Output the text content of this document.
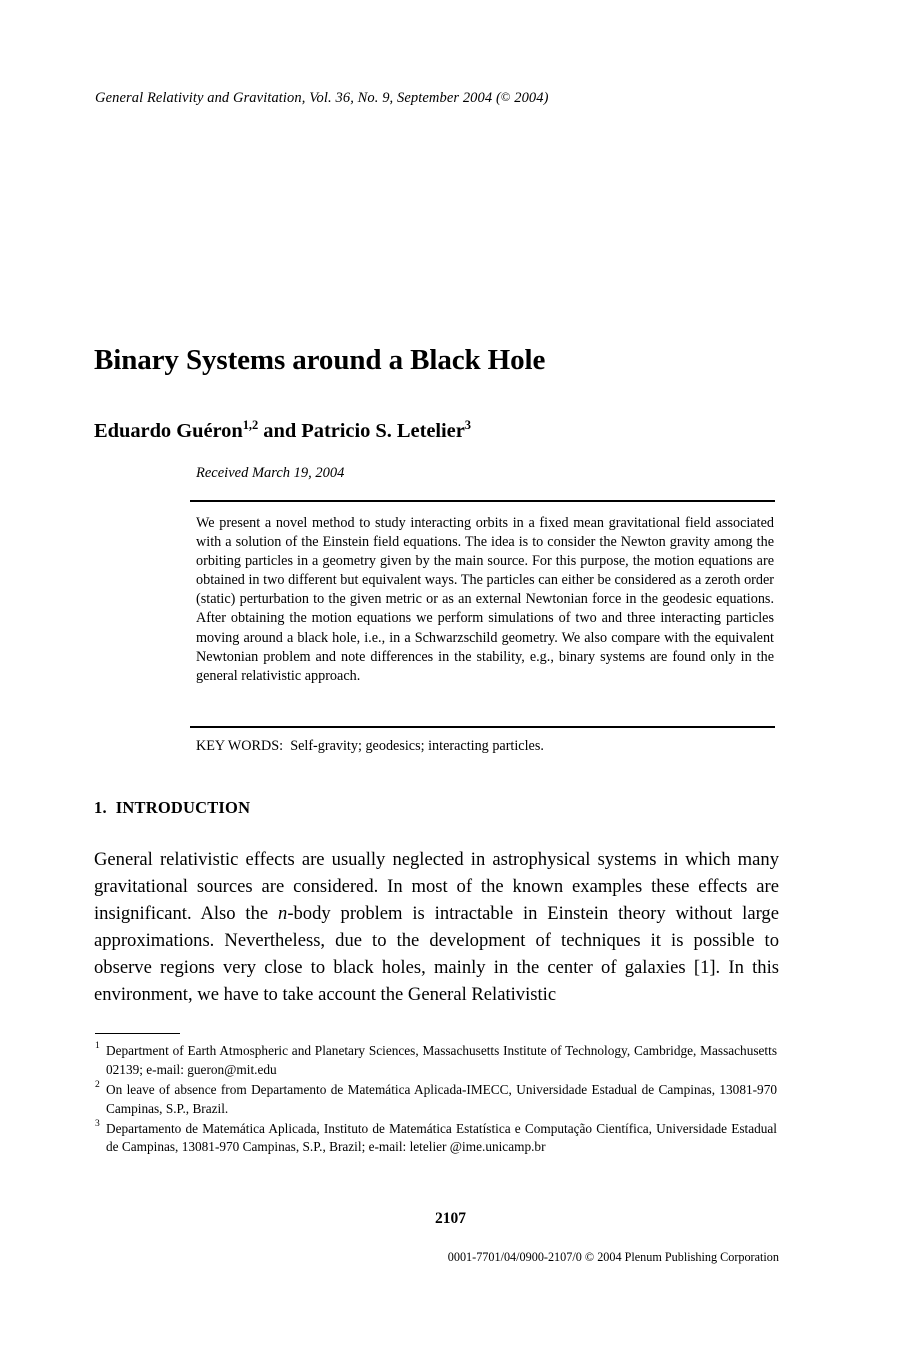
General Relativity and Gravitation, Vol. 36, No. 9, September 2004 (© 2004)
Binary Systems around a Black Hole
Eduardo Guéron$^{1,2}$ and Patricio S. Letelier$^3$
Received March 19, 2004
We present a novel method to study interacting orbits in a fixed mean gravitational field associated with a solution of the Einstein field equations. The idea is to consider the Newton gravity among the orbiting particles in a geometry given by the main source. For this purpose, the motion equations are obtained in two different but equivalent ways. The particles can either be considered as a zeroth order (static) perturbation to the given metric or as an external Newtonian force in the geodesic equations. After obtaining the motion equations we perform simulations of two and three interacting particles moving around a black hole, i.e., in a Schwarzschild geometry. We also compare with the equivalent Newtonian problem and note differences in the stability, e.g., binary systems are found only in the general relativistic approach.
KEY WORDS: Self-gravity; geodesics; interacting particles.
1. INTRODUCTION
General relativistic effects are usually neglected in astrophysical systems in which many gravitational sources are considered. In most of the known examples these effects are insignificant. Also the n-body problem is intractable in Einstein theory without large approximations. Nevertheless, due to the development of techniques it is possible to observe regions very close to black holes, mainly in the center of galaxies [1]. In this environment, we have to take account the General Relativistic
1 Department of Earth Atmospheric and Planetary Sciences, Massachusetts Institute of Technology, Cambridge, Massachusetts 02139; e-mail: gueron@mit.edu
2 On leave of absence from Departamento de Matemática Aplicada-IMECC, Universidade Estadual de Campinas, 13081-970 Campinas, S.P., Brazil.
3 Departamento de Matemática Aplicada, Instituto de Matemática Estatística e Computação Científica, Universidade Estadual de Campinas, 13081-970 Campinas, S.P., Brazil; e-mail: letelier @ime.unicamp.br
2107
0001-7701/04/0900-2107/0 © 2004 Plenum Publishing Corporation
